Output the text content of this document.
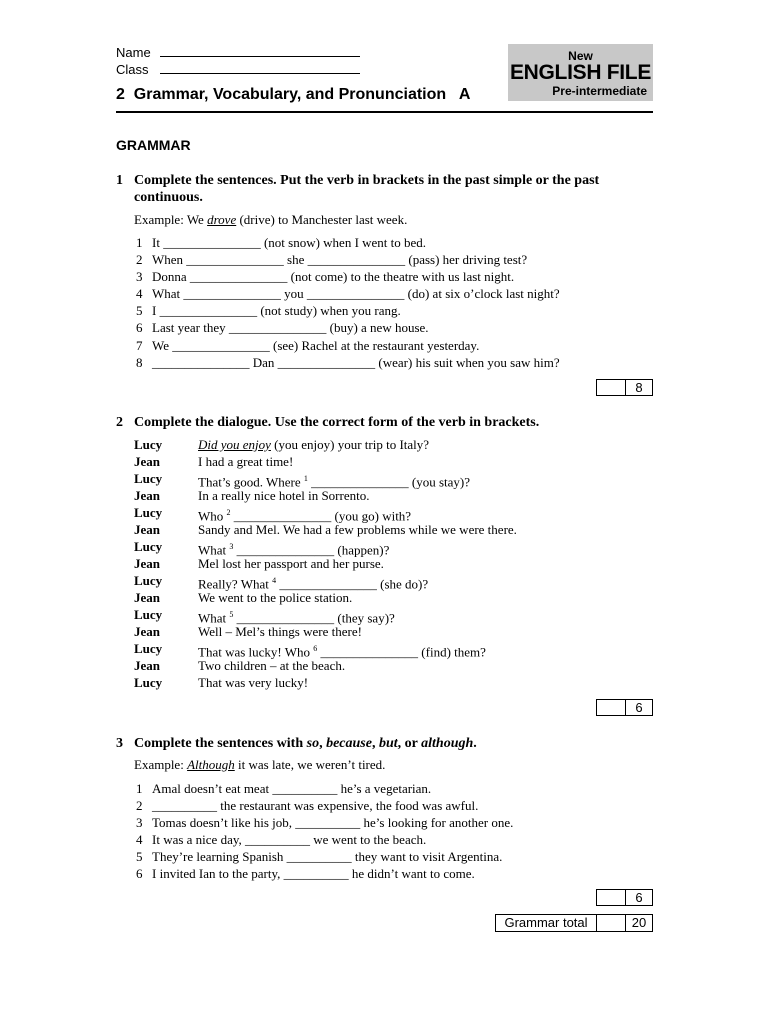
Name
Class
New
ENGLISH FILE
Pre-intermediate
2  Grammar, Vocabulary, and Pronunciation   A
GRAMMAR
1 Complete the sentences. Put the verb in brackets in the past simple or the past continuous.
Example: We drove (drive) to Manchester last week.
1 It _______________ (not snow) when I went to bed.
2 When _______________ she _______________ (pass) her driving test?
3 Donna _______________ (not come) to the theatre with us last night.
4 What _______________ you _______________ (do) at six o’clock last night?
5 I _______________ (not study) when you rang.
6 Last year they _______________ (buy) a new house.
7 We _______________ (see) Rachel at the restaurant yesterday.
8 _______________ Dan _______________ (wear) his suit when you saw him?
8
2 Complete the dialogue. Use the correct form of the verb in brackets.
Lucy	Did you enjoy (you enjoy) your trip to Italy?
Jean	I had a great time!
Lucy	That’s good. Where $^1$ _______________ (you stay)?
Jean	In a really nice hotel in Sorrento.
Lucy	Who $^2$ _______________ (you go) with?
Jean	Sandy and Mel. We had a few problems while we were there.
Lucy	What $^3$ _______________ (happen)?
Jean	Mel lost her passport and her purse.
Lucy	Really? What $^4$ _______________ (she do)?
Jean	We went to the police station.
Lucy	What $^5$ _______________ (they say)?
Jean	Well – Mel’s things were there!
Lucy	That was lucky! Who $^6$ _______________ (find) them?
Jean	Two children – at the beach.
Lucy	That was very lucky!
6
3 Complete the sentences with so, because, but, or although.
Example: Although it was late, we weren’t tired.
1 Amal doesn’t eat meat __________ he’s a vegetarian.
2 __________ the restaurant was expensive, the food was awful.
3 Tomas doesn’t like his job, __________ he’s looking for another one.
4 It was a nice day, __________ we went to the beach.
5 They’re learning Spanish __________ they want to visit Argentina.
6 I invited Ian to the party, __________ he didn’t want to come.
6
Grammar total	20
